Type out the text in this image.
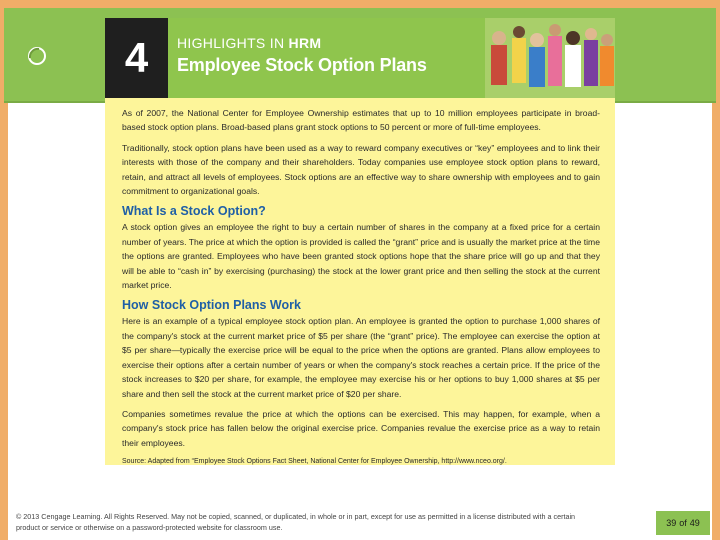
4	HIGHLIGHTS IN HRM
Employee Stock Option Plans

As of 2007, the National Center for Employee Ownership estimates that up to 10 million employees participate in broad-based stock option plans. Broad-based plans grant stock options to 50 percent or more of full-time employees.

Traditionally, stock option plans have been used as a way to reward company executives or “key” employees and to link their interests with those of the company and their shareholders. Today companies use employee stock option plans to reward, retain, and attract all levels of employees. Stock options are an effective way to share ownership with employees and to gain commitment to organizational goals.

What Is a Stock Option?

A stock option gives an employee the right to buy a certain number of shares in the company at a fixed price for a certain number of years. The price at which the option is provided is called the “grant” price and is usually the market price at the time the options are granted. Employees who have been granted stock options hope that the share price will go up and that they will be able to “cash in” by exercising (purchasing) the stock at the lower grant price and then selling the stock at the current market price.

How Stock Option Plans Work

Here is an example of a typical employee stock option plan. An employee is granted the option to purchase 1,000 shares of the company's stock at the current market price of $5 per share (the “grant” price). The employee can exercise the option at $5 per share—typically the exercise price will be equal to the price when the options are granted. Plans allow employees to exercise their options after a certain number of years or when the company's stock reaches a certain price. If the price of the stock increases to $20 per share, for example, the employee may exercise his or her options to buy 1,000 shares at $5 per share and then sell the stock at the current market price of $20 per share.

Companies sometimes revalue the price at which the options can be exercised. This may happen, for example, when a company's stock price has fallen below the original exercise price. Companies revalue the exercise price as a way to retain their employees.

Source: Adapted from “Employee Stock Options Fact Sheet, National Center for Employee Ownership, http://www.nceo.org/.
© 2013 Cengage Learning. All Rights Reserved. May not be copied, scanned, or duplicated, in whole or in part, except for use as permitted in a license distributed with a certain product or service or otherwise on a password-protected website for classroom use.	39 of 49
